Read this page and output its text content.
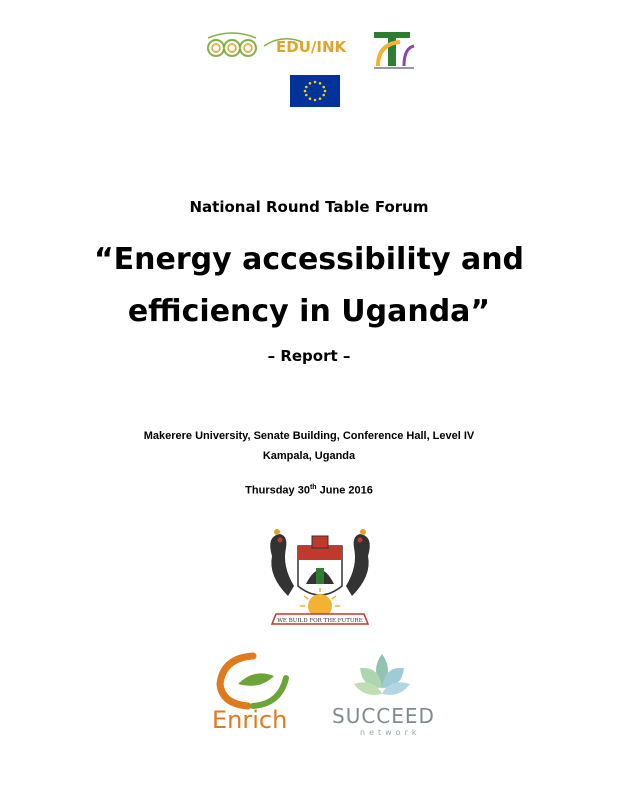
EDU/INK
National Round Table Forum
“Energy accessibility and
efficiency in Uganda”
– Report –
Makerere University, Senate Building, Conference Hall, Level IV
Kampala, Uganda
Thursday 30th June 2016
WE BUILD FOR THE FUTURE
Enrich SUCCEED
network
